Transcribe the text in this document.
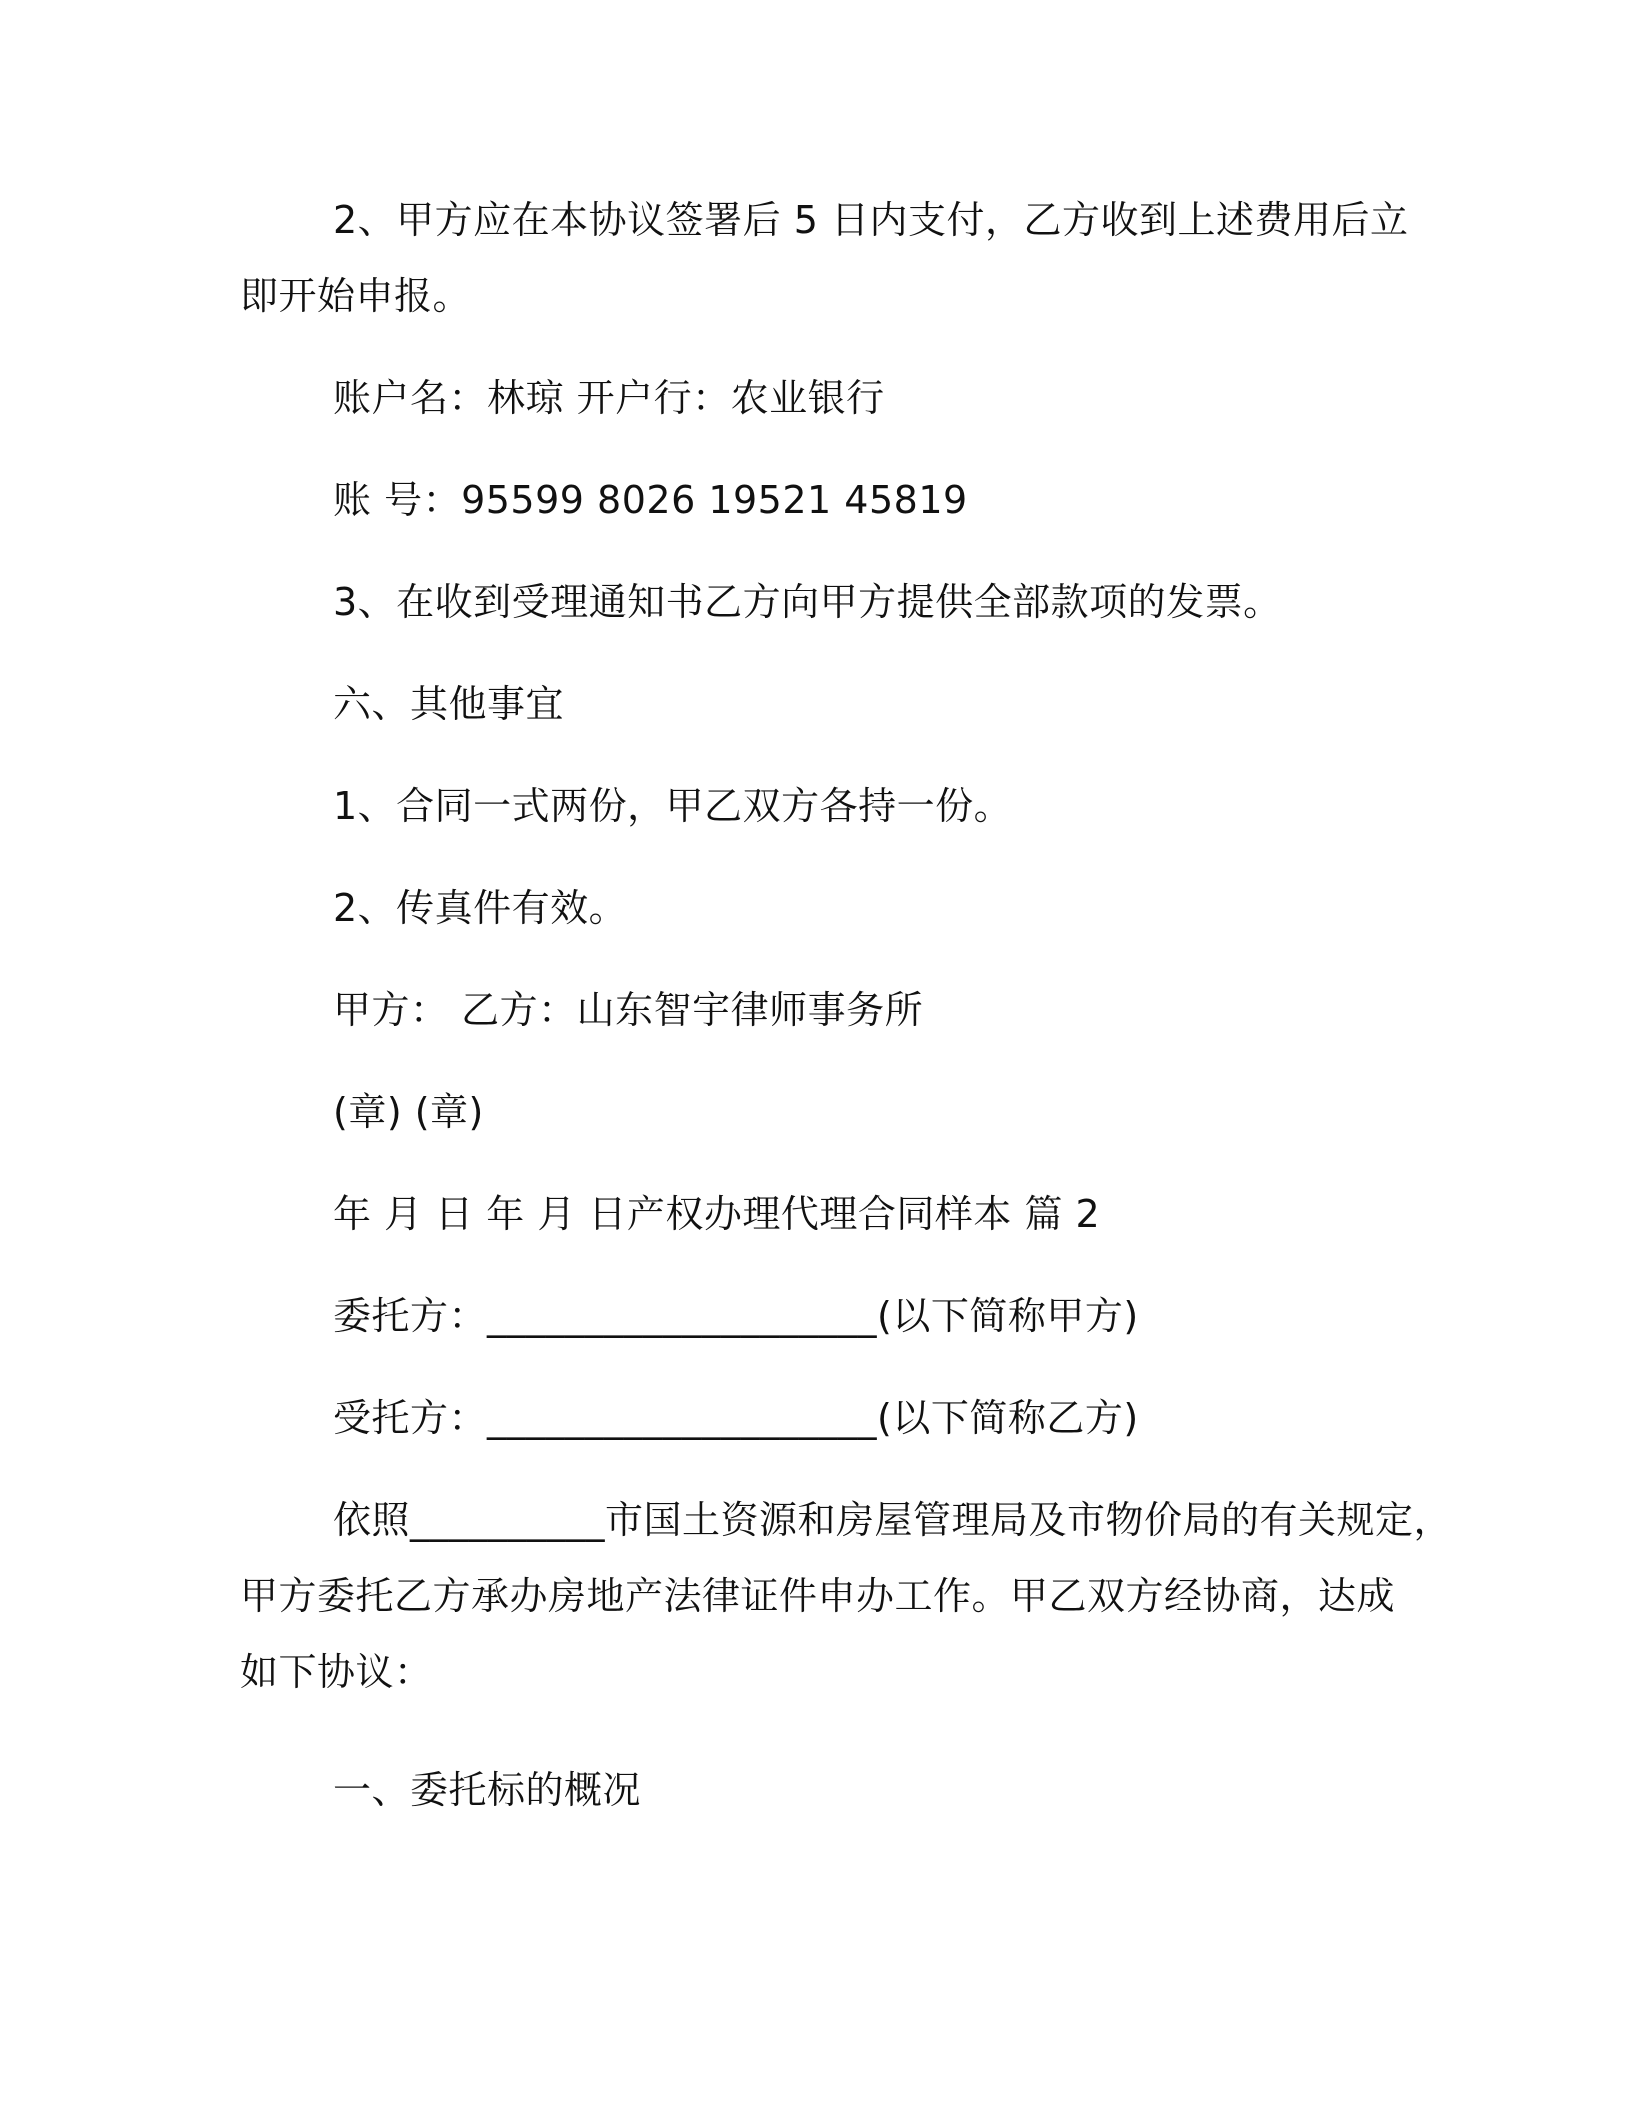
2、甲方应在本协议签署后 5 日内支付，乙方收到上述费用后立

即开始申报。

账户名：林琼 开户行：农业银行

账 号：95599 8026 19521 45819

3、在收到受理通知书乙方向甲方提供全部款项的发票。

六、其他事宜

1、合同一式两份，甲乙双方各持一份。

2、传真件有效。

甲方： 乙方：山东智宇律师事务所

(章) (章)

年 月 日 年 月 日产权办理代理合同样本 篇 2

委托方：____________________(以下简称甲方)

受托方：____________________(以下简称乙方)

依照__________市国土资源和房屋管理局及市物价局的有关规定，

甲方委托乙方承办房地产法律证件申办工作。甲乙双方经协商，达成

如下协议：

一、委托标的概况
